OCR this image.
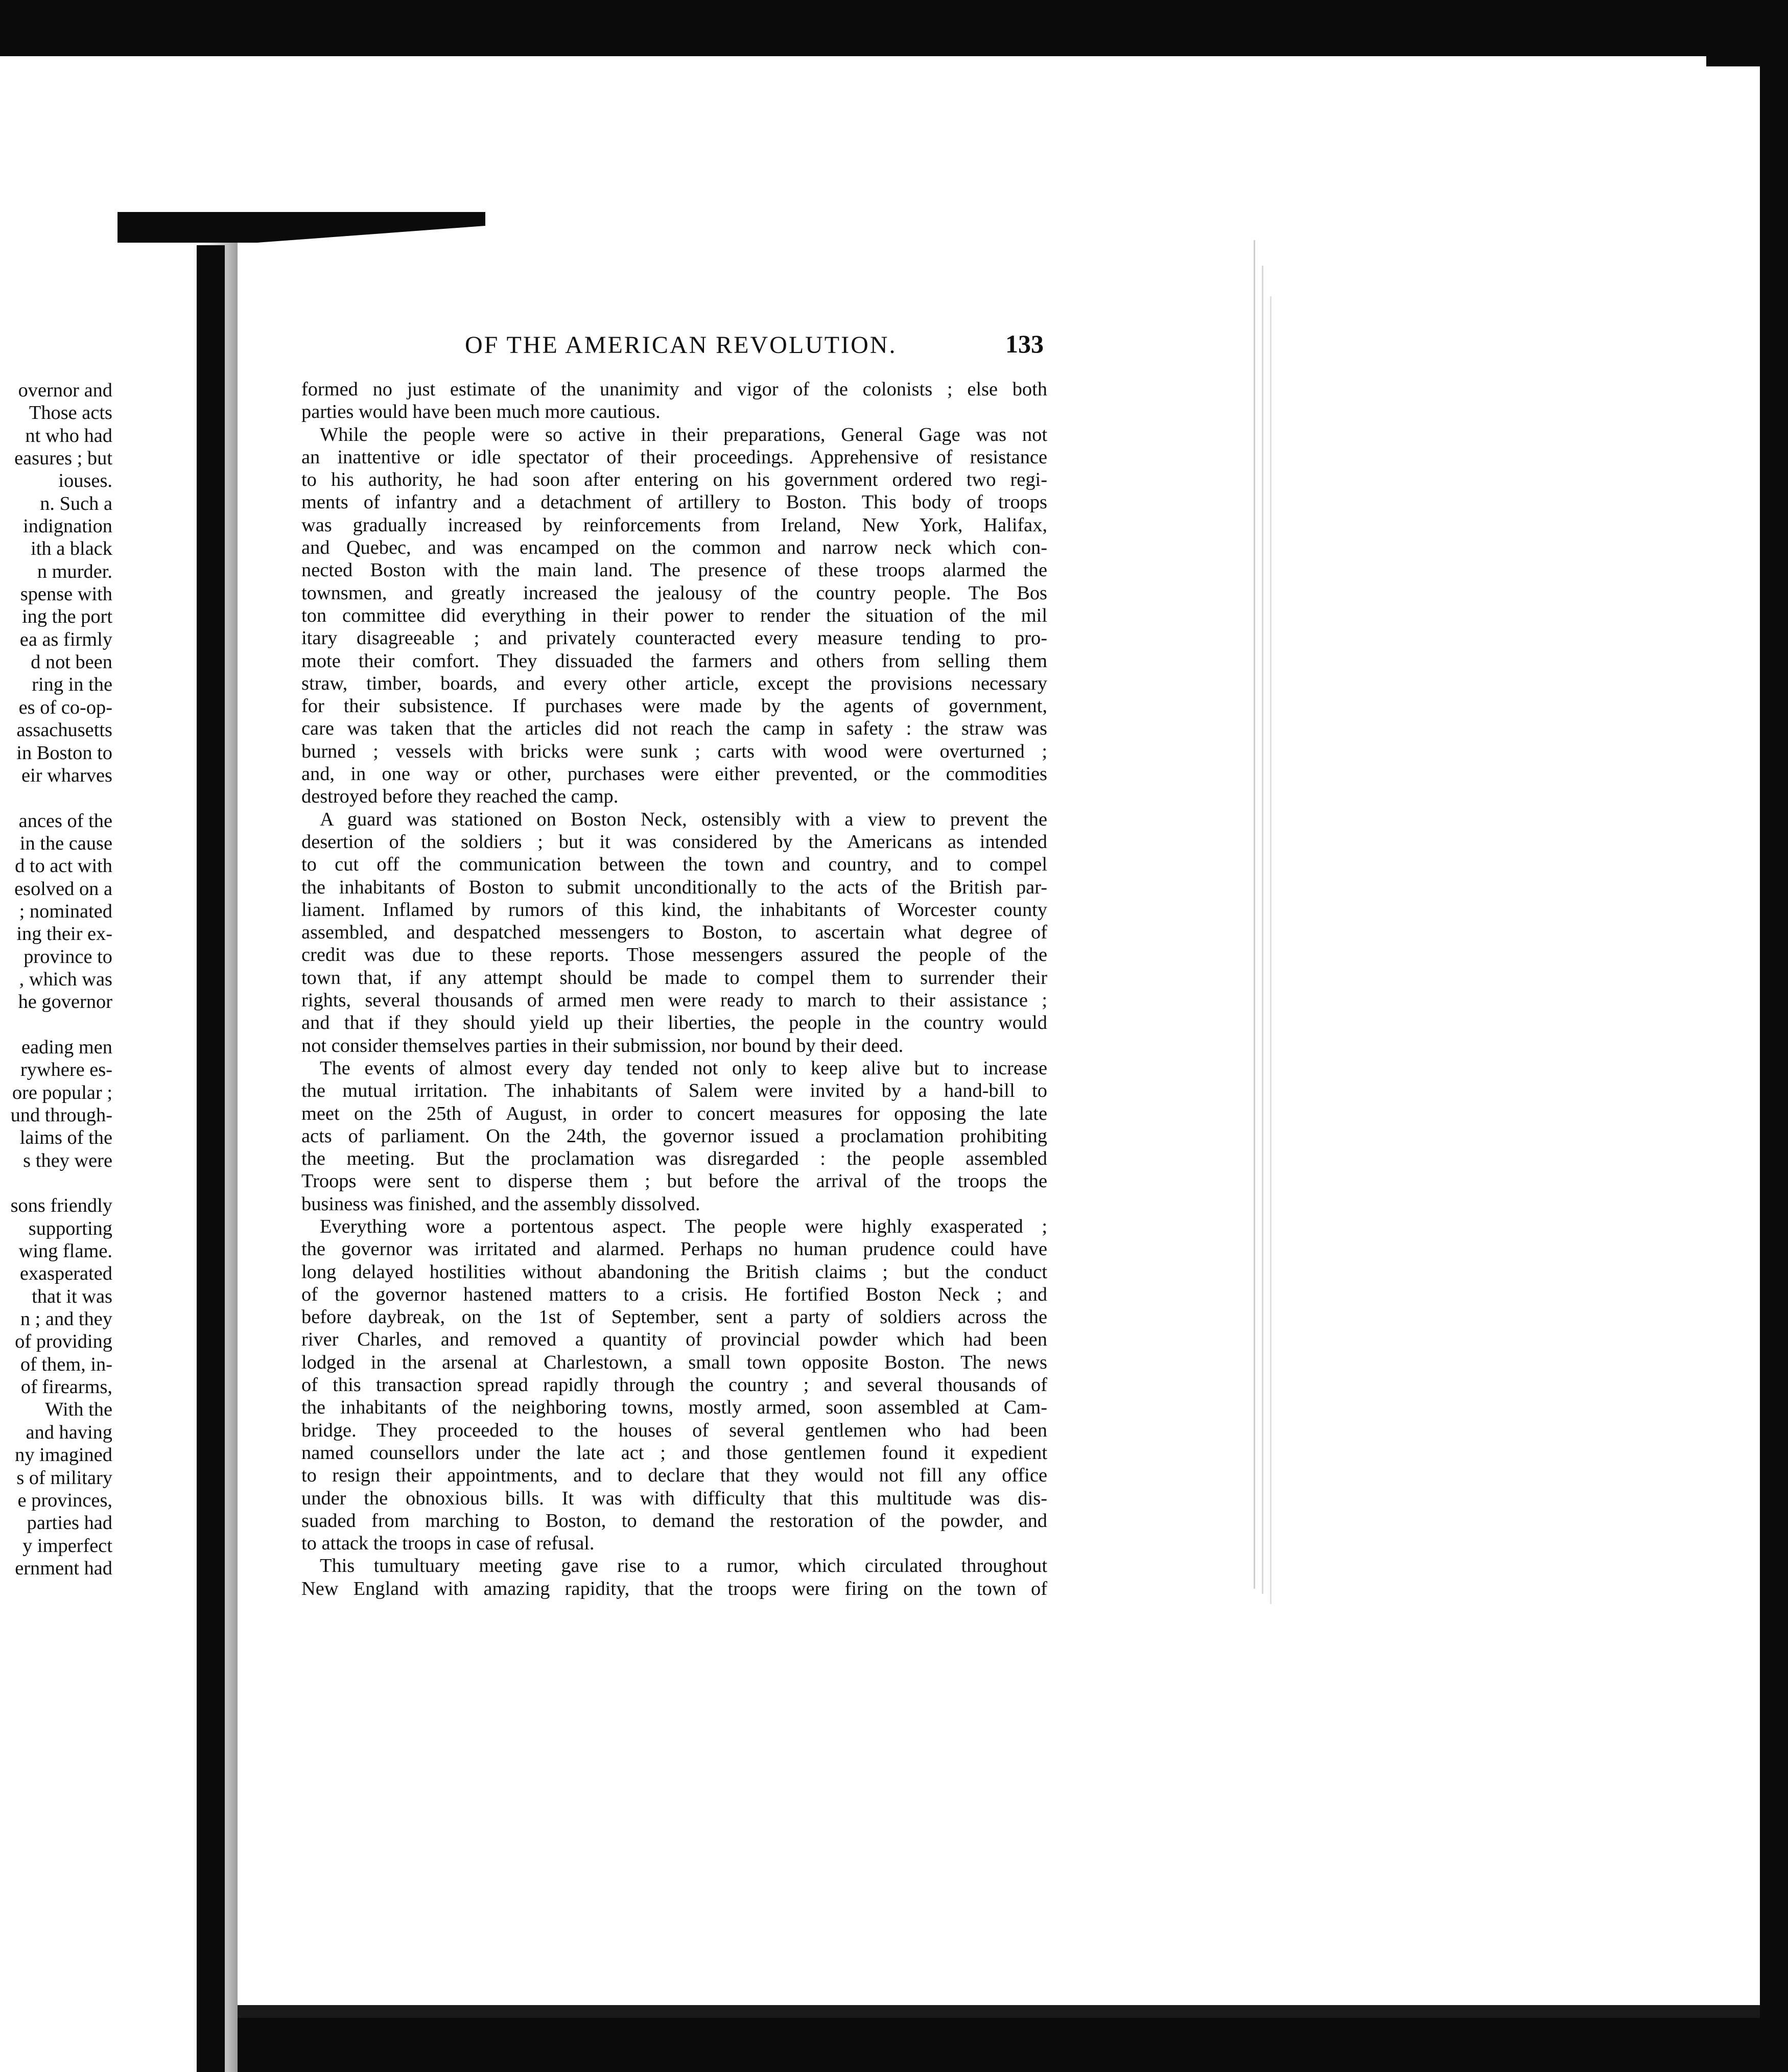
OF THE AMERICAN REVOLUTION.	133
overnor and
Those acts
nt who had
easures ; but
iouses.
n. Such a
indignation
ith a black
n murder.
spense with
ing the port
ea as firmly
d not been
ring in the
es of co-op-
assachusetts
in Boston to
eir wharves
ances of the
in the cause
d to act with
esolved on a
; nominated
ing their ex-
province to
, which was
he governor
eading men
rywhere es-
ore popular ;
und through-
laims of the
s they were
sons friendly
supporting
wing flame.
exasperated
that it was
n ; and they
of providing
of them, in-
of firearms,
With the
and having
ny imagined
s of military
e provinces,
parties had
y imperfect
ernment had
formed no just estimate of the unanimity and vigor of the colonists ; else both
parties would have been much more cautious.
While the people were so active in their preparations, General Gage was not
an inattentive or idle spectator of their proceedings. Apprehensive of resistance
to his authority, he had soon after entering on his government ordered two regi-
ments of infantry and a detachment of artillery to Boston. This body of troops
was gradually increased by reinforcements from Ireland, New York, Halifax,
and Quebec, and was encamped on the common and narrow neck which con-
nected Boston with the main land. The presence of these troops alarmed the
townsmen, and greatly increased the jealousy of the country people. The Bos
ton committee did everything in their power to render the situation of the mil
itary disagreeable ; and privately counteracted every measure tending to pro-
mote their comfort. They dissuaded the farmers and others from selling them
straw, timber, boards, and every other article, except the provisions necessary
for their subsistence. If purchases were made by the agents of government,
care was taken that the articles did not reach the camp in safety : the straw was
burned ; vessels with bricks were sunk ; carts with wood were overturned ;
and, in one way or other, purchases were either prevented, or the commodities
destroyed before they reached the camp.
A guard was stationed on Boston Neck, ostensibly with a view to prevent the
desertion of the soldiers ; but it was considered by the Americans as intended
to cut off the communication between the town and country, and to compel
the inhabitants of Boston to submit unconditionally to the acts of the British par-
liament. Inflamed by rumors of this kind, the inhabitants of Worcester county
assembled, and despatched messengers to Boston, to ascertain what degree of
credit was due to these reports. Those messengers assured the people of the
town that, if any attempt should be made to compel them to surrender their
rights, several thousands of armed men were ready to march to their assistance ;
and that if they should yield up their liberties, the people in the country would
not consider themselves parties in their submission, nor bound by their deed.
The events of almost every day tended not only to keep alive but to increase
the mutual irritation. The inhabitants of Salem were invited by a hand-bill to
meet on the 25th of August, in order to concert measures for opposing the late
acts of parliament. On the 24th, the governor issued a proclamation prohibiting
the meeting. But the proclamation was disregarded : the people assembled
Troops were sent to disperse them ; but before the arrival of the troops the
business was finished, and the assembly dissolved.
Everything wore a portentous aspect. The people were highly exasperated ;
the governor was irritated and alarmed. Perhaps no human prudence could have
long delayed hostilities without abandoning the British claims ; but the conduct
of the governor hastened matters to a crisis. He fortified Boston Neck ; and
before daybreak, on the 1st of September, sent a party of soldiers across the
river Charles, and removed a quantity of provincial powder which had been
lodged in the arsenal at Charlestown, a small town opposite Boston. The news
of this transaction spread rapidly through the country ; and several thousands of
the inhabitants of the neighboring towns, mostly armed, soon assembled at Cam-
bridge. They proceeded to the houses of several gentlemen who had been
named counsellors under the late act ; and those gentlemen found it expedient
to resign their appointments, and to declare that they would not fill any office
under the obnoxious bills. It was with difficulty that this multitude was dis-
suaded from marching to Boston, to demand the restoration of the powder, and
to attack the troops in case of refusal.
This tumultuary meeting gave rise to a rumor, which circulated throughout
New England with amazing rapidity, that the troops were firing on the town of
